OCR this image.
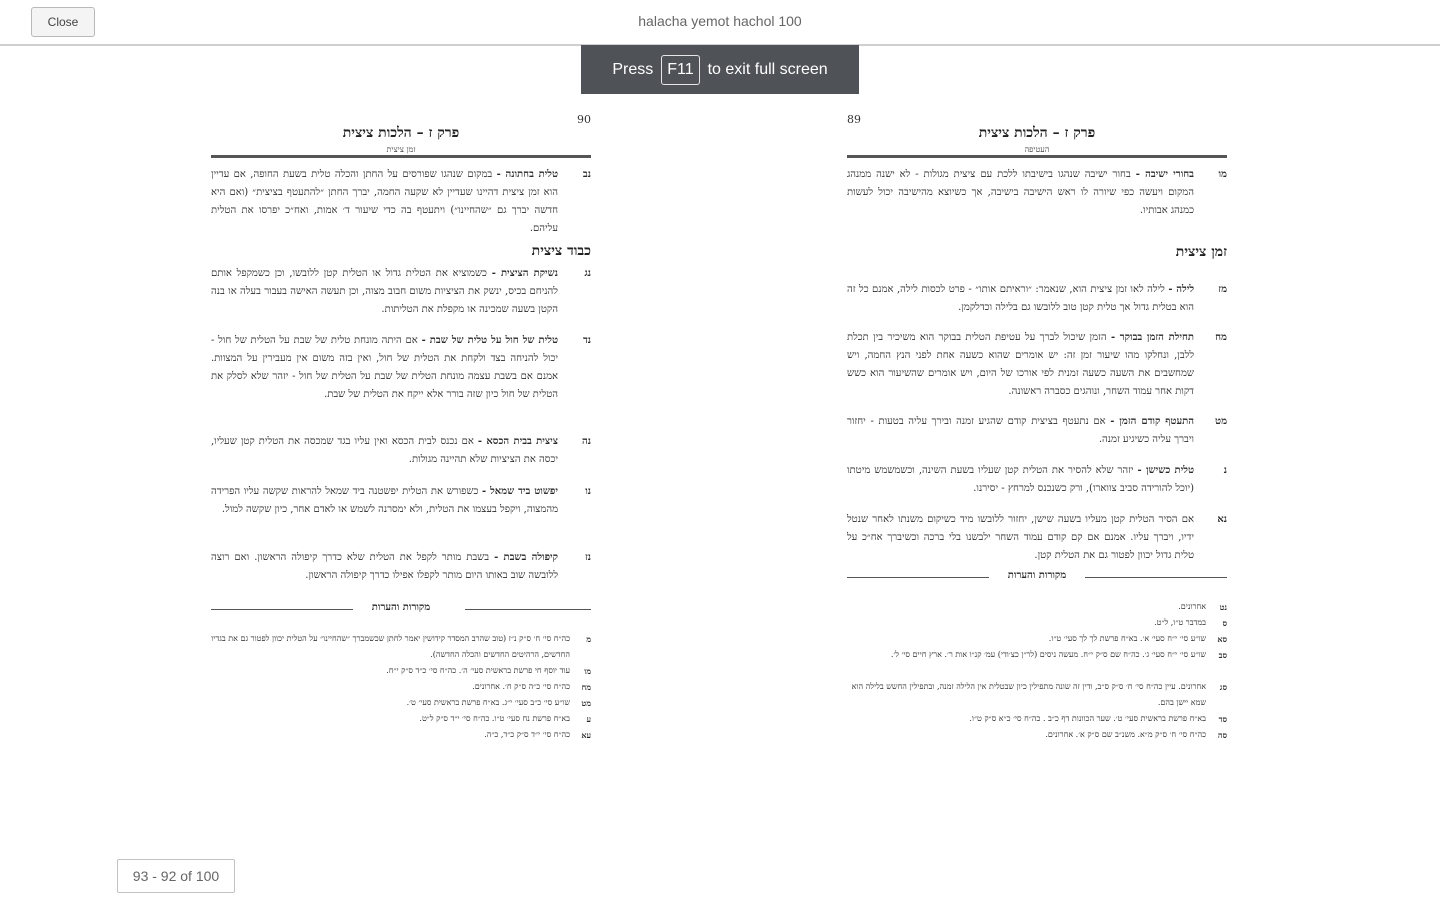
Close	halacha yemot hachol 100
Press F11 to exit full screen
90
פרק ז – הלכות ציצית
זמן ציצית
נב
טלית בחתונה - במקום שנהגו שפורסים על החתן והכלה טלית בשעת החופה, אם עדיין הוא זמן ציצית דהיינו שעדיין לא שקעה החמה, יברך החתן ״להתעטף בציצית״ (ואם היא חדשה יברך גם ״שהחיינו״) ויתעטף בה כדי שיעור ד׳ אמות, ואח״כ יפרסו את הטלית עליהם.
כבוד ציצית
נג
נשיקת הציצית - כשמוציא את הטלית גדול או הטלית קטן ללובשו, וכן כשמקפל אותם להניחם בכיס, ינשק את הציציות משום חבוב מצוה, וכן תעשה האישה בעבור בעלה או בנה הקטן בשעה שמכינה או מקפלת את הטליתות.
נד
טלית של חול על טלית של שבת - אם היתה מונחת טלית של שבת על הטלית של חול - יכול להניחה בצד ולקחת את הטלית של חול, ואין בזה משום אין מעבירין על המצוות. אמנם אם בשבת עצמה מונחת הטלית של שבת על הטלית של חול - יזהר שלא לסלק את הטלית של חול כיון שזה בורר אלא ייקח את הטלית של שבת.
נה
ציצית בבית הכסא - אם נכנס לבית הכסא ואין עליו בגד שמכסה את הטלית קטן שעליו, יכסה את הציציות שלא תהיינה מגולות.
נו
יפשוט ביד שמאל - כשפורש את הטלית יפשטנה ביד שמאל להראות שקשה עליו הפרידה מהמצוה, ויקפל בעצמו את הטלית, ולא ימסרנה לשמש או לאדם אחר, כיון שקשה למול.
נז
קיפולה בשבת - בשבת מותר לקפל את הטלית שלא כדרך קיפולה הראשון. ואם רוצה ללובשה שוב באותו היום מותר לקפלו אפילו כדרך קיפולה הראשון.
מקורות והערות
מ
כה״ח סי׳ ח׳ ס״ק נ״ז (טוב שהרב המסדר קידושין יאמר לחתן שכשמברך ״שהחיינו״ על הטלית יכוון לפטור גם את בגדיו החדשים, הרהיטים החדשים והכלה החדשה).
מו
עוד יוסף חי פרשת בראשית סעי׳ ה׳. כה״ח סי׳ כ״ד ס״ק י״ח.
מח
כה״ח סי׳ כ״ה ס״ק ח׳. אחרונים.
מט
שו״ע סי׳ כ״ב סעי׳ י״ג. בא״ח פרשת בראשית סעי׳ ט׳.
ע
בא״ח פרשת נח סעי׳ ט״ו. כה״ח סי׳ י״ד ס״ק ל״ט.
עא
כה״ח סי׳ י״ד ס״ק כ״ד, כ״ה.
89
פרק ז – הלכות ציצית
העטיפה
מו
בחורי ישיבה - בחור ישיבה שנהגו בישיבתו ללכת עם ציצית מגולות - לא ישנה ממנהג המקום ויעשה כפי שיורה לו ראש הישיבה בישיבה, אך כשיוצא מהישיבה יכול לעשות כמנהג אבותיו.
זמן ציצית
מז
לילה - לילה לאו זמן ציצית הוא, שנאמר: ״וראיתם אותו״ - פרט לכסות לילה, אמנם כל זה הוא בטלית גדול אך טלית קטן טוב ללובשו גם בלילה וכדלקמן.
מח
תחילת הזמן בבוקר - הזמן שיכול לברך על עטיפת הטלית בבוקר הוא משיכיר בין תכלת ללבן, ונחלקו מהו שיעור זמן זה: יש אומרים שהוא כשעה אחת לפני הנץ החמה, ויש שמחשבים את השעה כשעה זמנית לפי אורכו של היום, ויש אומרים שהשיעור הוא כשש דקות אחר עמוד השחר, ונוהגים כסברה ראשונה.
מט
התעטף קודם הזמן - אם נתעטף בציצית קודם שהגיע זמנה ובירך עליה בטעות - יחזור ויברך עליה כשיגיע זמנה.
נ
טלית כשישן - יזהר שלא להסיר את הטלית קטן שעליו בשעת השינה, וכשמשמש מיטתו (יוכל להורידה סביב צווארו), ורק כשנכנס למרחץ - יסירנו.
נא
אם הסיר הטלית קטן מעליו בשעה שישן, יחזור ללובשו מיד כשיקום משנתו לאחר שנטל ידיו, ויברך עליו. אמנם אם קם קודם עמוד השחר ילבשנו בלי ברכה וכשיברך אח״כ על טלית גדול יכוון לפטור גם את הטלית קטן.
מקורות והערות
נט
אחרונים.
ס
במדבר ט״ו, ל״ט.
סא
שו״ע סי׳ י״ח סעי׳ א׳. בא״ח פרשת לך לך סעי׳ ט״ו.
סב
שו״ע סי׳ י״ח סעי׳ ג׳. כה״ח שם ס״ק י״ח. מעשה ניסים (לר״ן כצ׳ודי) עמ׳ קנ״ו אות ר׳. ארץ חיים סי׳ ל׳.
סג
אחרונים. עיין כה״ח סי׳ ח׳ ס״ק ס״ב, ודין זה שונה מתפילין כיון שבטלית אין הלילה זמנה, ובתפילין החשש בלילה הוא שמא יישן בהם.
סד
בא״ח פרשת בראשית סעי׳ ט׳. שער הכוונות דף כ״ב . כה״ח סי׳ כ״א ס״ק ט״ו.
סה
כה״ח סי׳ ח׳ ס״ק מ״א. משנ״ב שם ס״ק א׳. אחרונים.
93 - 92 of 100
